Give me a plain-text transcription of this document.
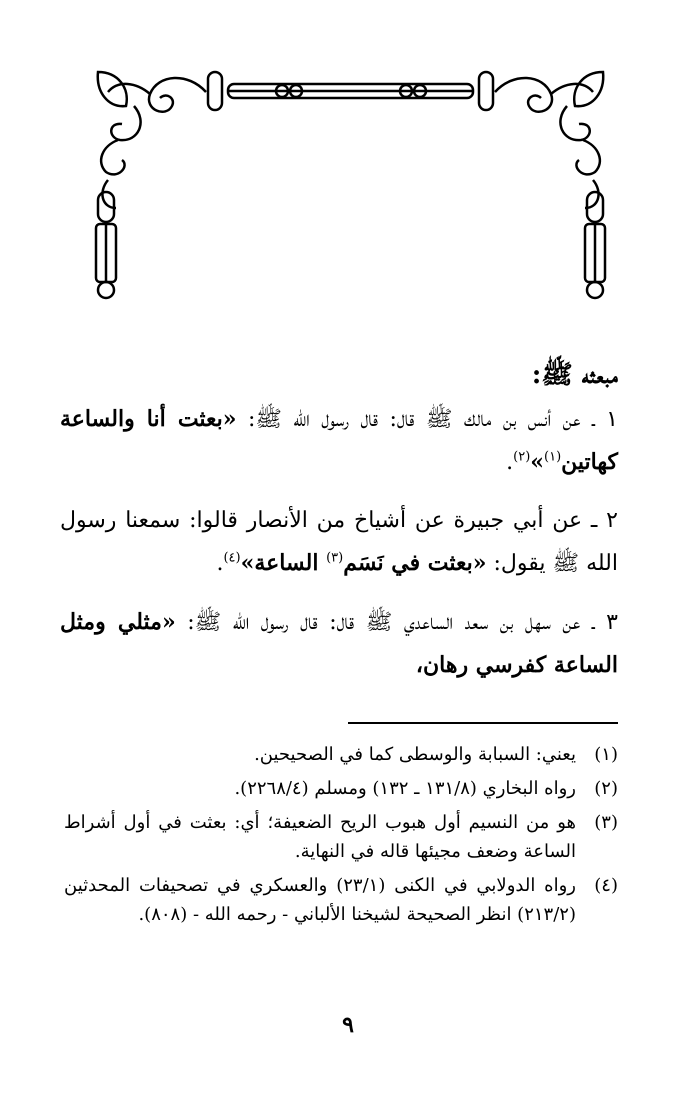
مبعثه ﷺ:

١ ـ عن أنس بن مالك ﷺ قال: قال رسول الله ﷺ: «بعثت أنا والساعة كهاتين$^{(١)}$»$^{(٢)}$.

٢ ـ عن أبي جبيرة عن أشياخ من الأنصار قالوا: سمعنا رسول الله ﷺ يقول: «بعثت في نَسَم$^{(٣)}$ الساعة»$^{(٤)}$.

٣ ـ عن سهل بن سعد الساعدي ﷺ قال: قال رسول الله ﷺ: «مثلي ومثل الساعة كفرسي رهان،

(١)
يعني: السبابة والوسطى كما في الصحيحين.
(٢)
رواه البخاري (١٣١/٨ ـ ١٣٢) ومسلم (٢٢٦٨/٤).
(٣)
هو من النسيم أول هبوب الريح الضعيفة؛ أي: بعثت في أول أشراط الساعة وضعف مجيئها قاله في النهاية.
(٤)
رواه الدولابي في الكنى (٢٣/١) والعسكري في تصحيفات المحدثين (٢١٣/٢) انظر الصحيحة لشيخنا الألباني - رحمه الله - (٨٠٨).
٩
